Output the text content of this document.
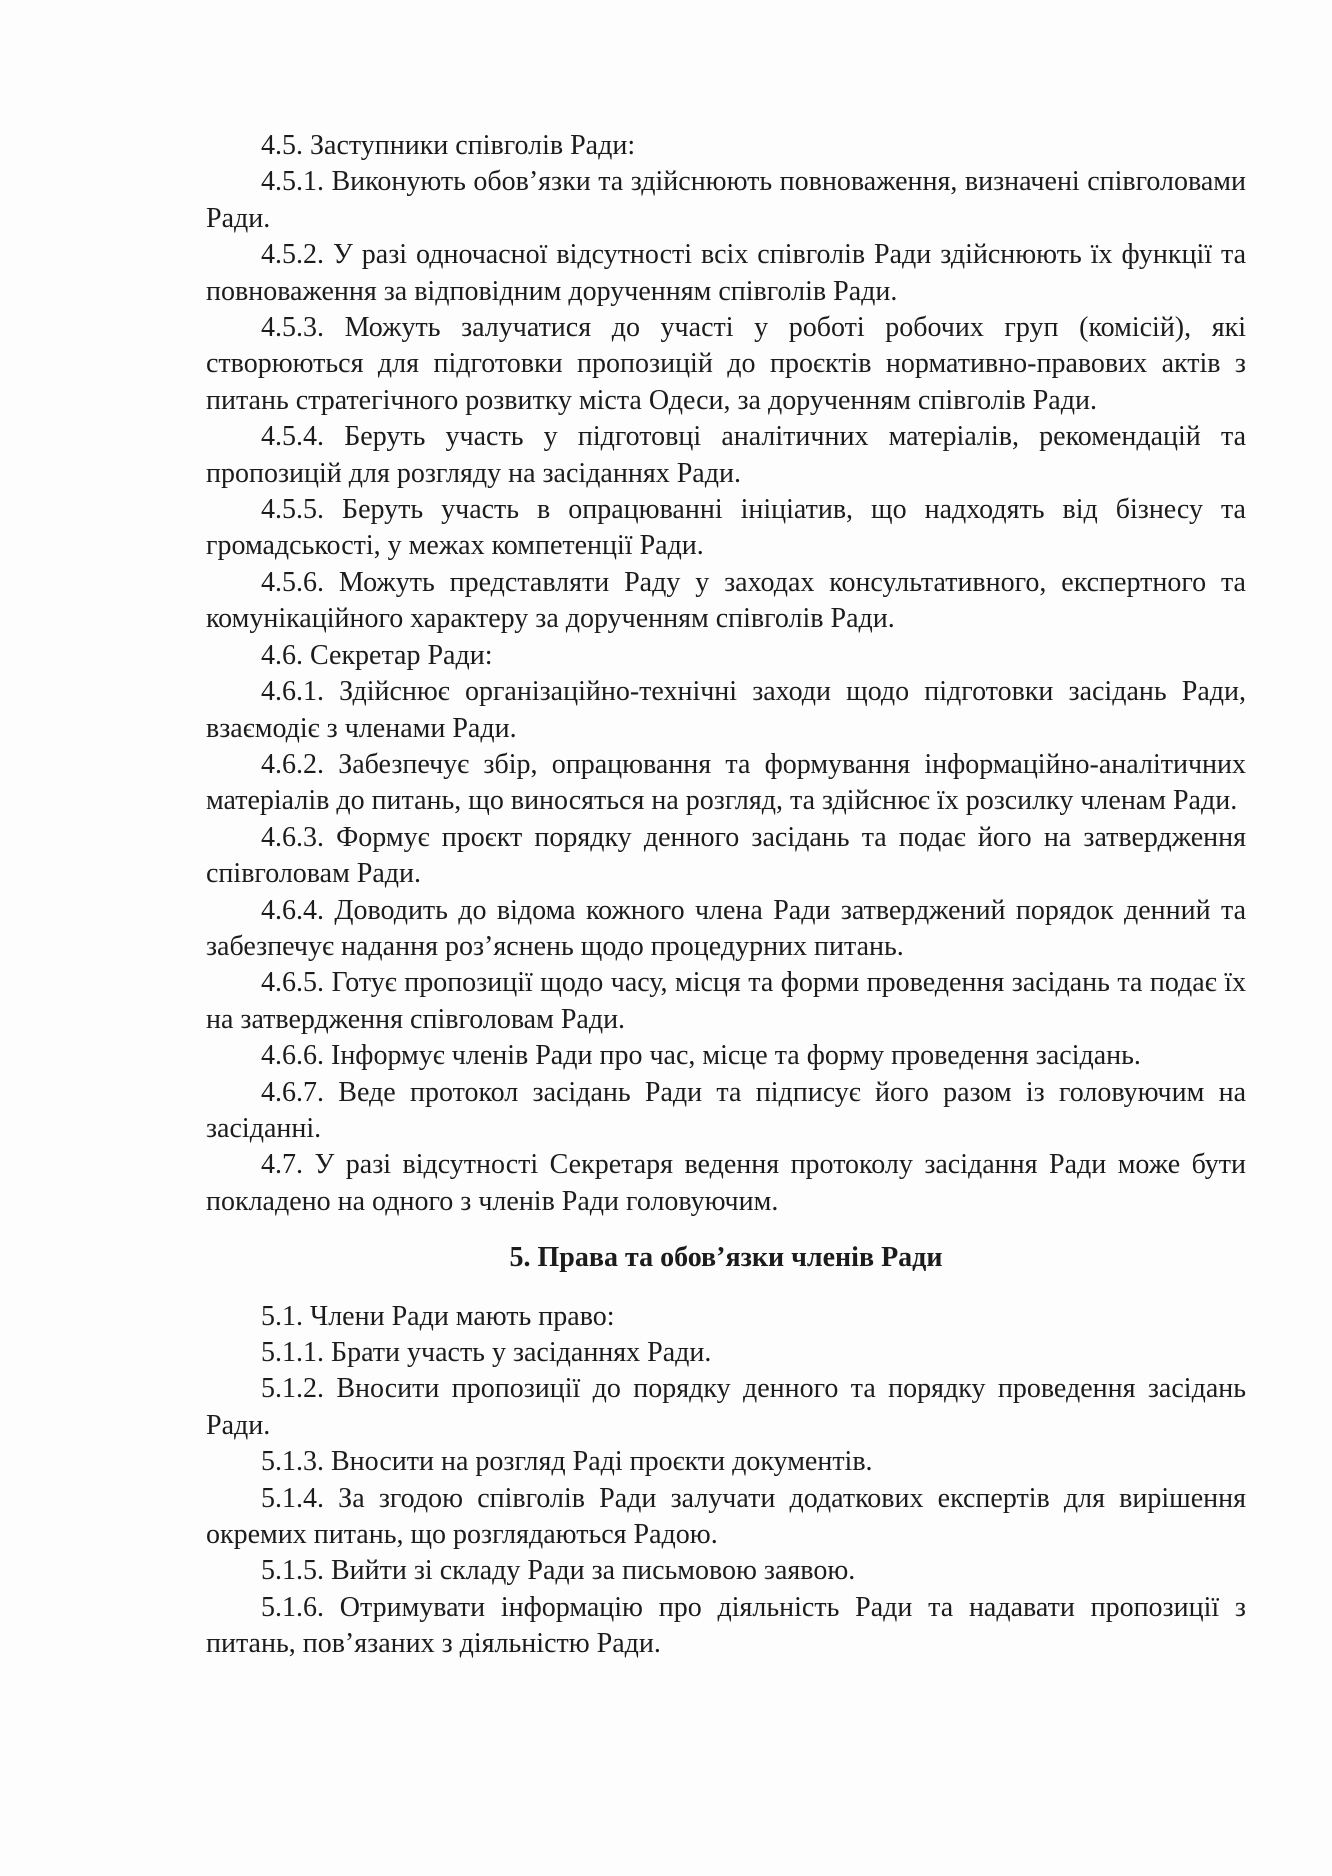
4.5. Заступники співголів Ради:

4.5.1. Виконують обов’язки та здійснюють повноваження, визначені співголовами Ради.

4.5.2. У разі одночасної відсутності всіх співголів Ради здійснюють їх функції та повноваження за відповідним дорученням співголів Ради.

4.5.3. Можуть залучатися до участі у роботі робочих груп (комісій), які створюються для підготовки пропозицій до проєктів нормативно-правових актів з питань стратегічного розвитку міста Одеси, за дорученням співголів Ради.

4.5.4. Беруть участь у підготовці аналітичних матеріалів, рекомендацій та пропозицій для розгляду на засіданнях Ради.

4.5.5. Беруть участь в опрацюванні ініціатив, що надходять від бізнесу та громадськості, у межах компетенції Ради.

4.5.6. Можуть представляти Раду у заходах консультативного, експертного та комунікаційного характеру за дорученням співголів Ради.

4.6. Секретар Ради:

4.6.1. Здійснює організаційно-технічні заходи щодо підготовки засідань Ради, взаємодіє з членами Ради.

4.6.2. Забезпечує збір, опрацювання та формування інформаційно-аналітичних матеріалів до питань, що виносяться на розгляд, та здійснює їх розсилку членам Ради.

4.6.3. Формує проєкт порядку денного засідань та подає його на затвердження співголовам Ради.

4.6.4. Доводить до відома кожного члена Ради затверджений порядок денний та забезпечує надання роз’яснень щодо процедурних питань.

4.6.5. Готує пропозиції щодо часу, місця та форми проведення засідань та подає їх на затвердження співголовам Ради.

4.6.6. Інформує членів Ради про час, місце та форму проведення засідань.

4.6.7. Веде протокол засідань Ради та підписує його разом із головуючим на засіданні.

4.7. У разі відсутності Секретаря ведення протоколу засідання Ради може бути покладено на одного з членів Ради головуючим.

5. Права та обов’язки членів Ради

5.1. Члени Ради мають право:

5.1.1. Брати участь у засіданнях Ради.

5.1.2. Вносити пропозиції до порядку денного та порядку проведення засідань Ради.

5.1.3. Вносити на розгляд Раді проєкти документів.

5.1.4. За згодою співголів Ради залучати додаткових експертів для вирішення окремих питань, що розглядаються Радою.

5.1.5. Вийти зі складу Ради за письмовою заявою.

5.1.6. Отримувати інформацію про діяльність Ради та надавати пропозиції з питань, пов’язаних з діяльністю Ради.
